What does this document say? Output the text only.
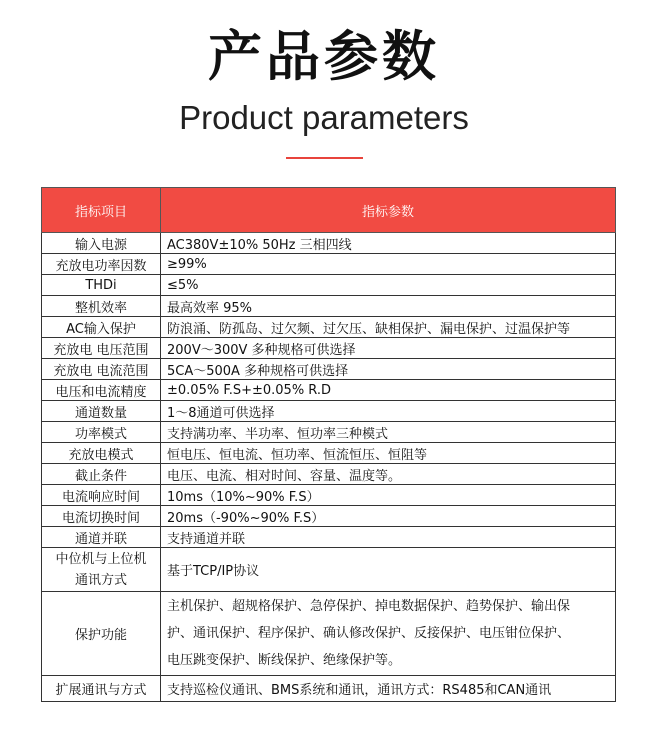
产品参数
Product parameters
指标项目	指标参数
输入电源	AC380V±10% 50Hz 三相四线
充放电功率因数	≥99%
THDi	≤5%
整机效率	最高效率 95%
AC输入保护	防浪涌、防孤岛、过欠频、过欠压、缺相保护、漏电保护、过温保护等
充放电 电压范围	200V～300V 多种规格可供选择
充放电 电流范围	5CA～500A 多种规格可供选择
电压和电流精度	±0.05% F.S+±0.05% R.D
通道数量	1～8通道可供选择
功率模式	支持满功率、半功率、恒功率三种模式
充放电模式	恒电压、恒电流、恒功率、恒流恒压、恒阻等
截止条件	电压、电流、相对时间、容量、温度等。
电流响应时间	10ms（10%~90% F.S）
电流切换时间	20ms（-90%~90% F.S）
通道并联	支持通道并联

中位机与上位机
通讯方式	基于TCP/IP协议
保护功能	主机保护、超规格保护、急停保护、掉电数据保护、趋势保护、输出保
护、通讯保护、程序保护、确认修改保护、反接保护、电压钳位保护、
电压跳变保护、断线保护、绝缘保护等。

扩展通讯与方式	支持巡检仪通讯、BMS系统和通讯，通讯方式：RS485和CAN通讯
